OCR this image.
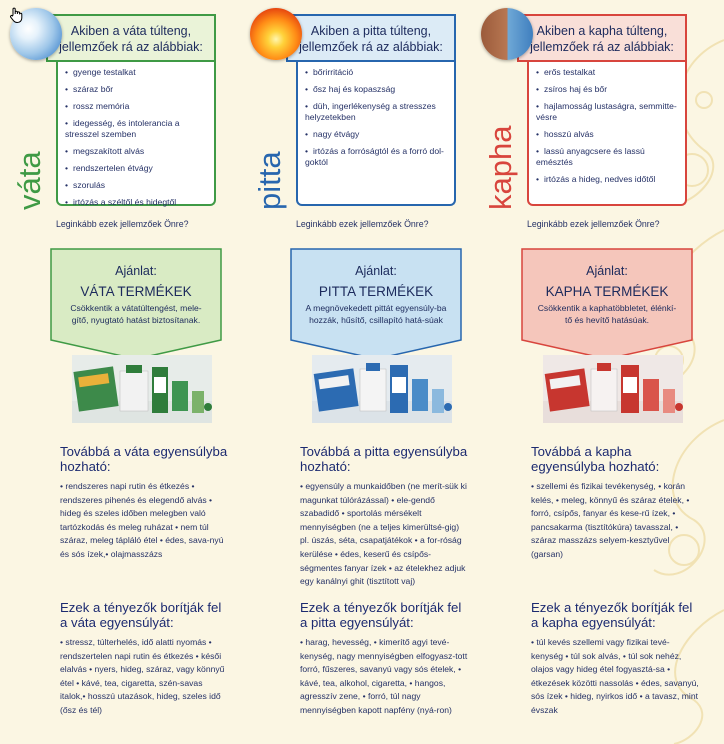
Akiben a váta túlteng,
jellemzőek rá az alábbiak:
váta
• gyenge testalkat
• száraz bőr
• rossz memória
• idegesség, és intolerancia a stresszel szemben
• megszakított alvás
• rendszertelen étvágy
• szorulás
• irtózás a széltől és hidegtől
Leginkább ezek jellemzőek Önre?
Ajánlat:
VÁTA TERMÉKEK
Csökkentik a vátatúltengést, mele-gítő, nyugtató hatást biztosítanak.
Továbbá a váta egyensúlyba hozható:

• rendszeres napi rutin és étkezés • rendszeres pihenés és elegendő alvás • hideg és szeles időben melegben való tartózkodás és meleg ruházat • nem túl száraz, meleg tápláló étel • édes, sava-nyú és sós ízek,• olajmasszázs

Ezek a tényezők borítják fel a váta egyensúlyát:

• stressz, túlterhelés, idő alatti nyomás • rendszertelen napi rutin és étkezés • késői elalvás • nyers, hideg, száraz, vagy könnyű étel • kávé, tea, cigaretta, szén-savas italok,• hosszú utazások, hideg, szeles idő (ősz és tél)

Akiben a pitta túlteng,
jellemzőek rá az alábbiak:
pitta
• bőrirritáció
• ősz haj és kopaszság
• düh, ingerlékenység a stresszes helyzetekben
• nagy étvágy
• irtózás a forróságtól és a forró dol-goktól
Leginkább ezek jellemzőek Önre?
Ajánlat:
PITTA TERMÉKEK
A megnövekedett pittát egyensúly-ba hozzák, hűsítő, csillapító hatá-súak
Továbbá a pitta egyensúlyba hozható:

• egyensúly a munkaidőben (ne merít-sük ki magunkat túlórázással) • ele-gendő szabadidő • sportolás mérsékelt mennyiségben (ne a teljes kimerültsé-gig) pl. úszás, séta, csapatjátékok • a for-róság kerülése • édes, keserű és csípős-ségmentes fanyar ízek • az ételekhez adjuk egy kanálnyi ghit (tisztított vaj)

Ezek a tényezők borítják fel a pitta egyensúlyát:

• harag, hevesség, • kimerítő agyi tevé-kenység, nagy mennyiségben elfogyasz-tott forró, fűszeres, savanyú vagy sós ételek, • kávé, tea, alkohol, cigaretta, • hangos, agresszív zene, • forró, túl nagy mennyiségben kapott napfény (nyá-ron)

Akiben a kapha túlteng,
jellemzőek rá az alábbiak:
kapha
• erős testalkat
• zsíros haj és bőr
• hajlamosság lustaságra, semmitte-vésre
• hosszú alvás
• lassú anyagcsere és lassú emésztés
• irtózás a hideg, nedves időtől
Leginkább ezek jellemzőek Önre?
Ajánlat:
KAPHA TERMÉKEK
Csökkentik a kaphatöbbletet, élénkí-tő és hevítő hatásúak.
Továbbá a kapha egyensúlyba hozható:

• szellemi és fizikai tevékenység, • korán kelés, • meleg, könnyű és száraz ételek, • forró, csípős, fanyar és kese-rű ízek, • pancsakarma (tisztítókúra) tavasszal, • száraz masszázs selyem-kesztyűvel (garsan)

Ezek a tényezők borítják fel a kapha egyensúlyát:

• túl kevés szellemi vagy fizikai tevé-kenység • túl sok alvás, • túl sok nehéz, olajos vagy hideg étel fogyasztá-sa • étkezések közötti nassolás • édes, savanyú, sós ízek • hideg, nyirkos idő • a tavasz, mint évszak
